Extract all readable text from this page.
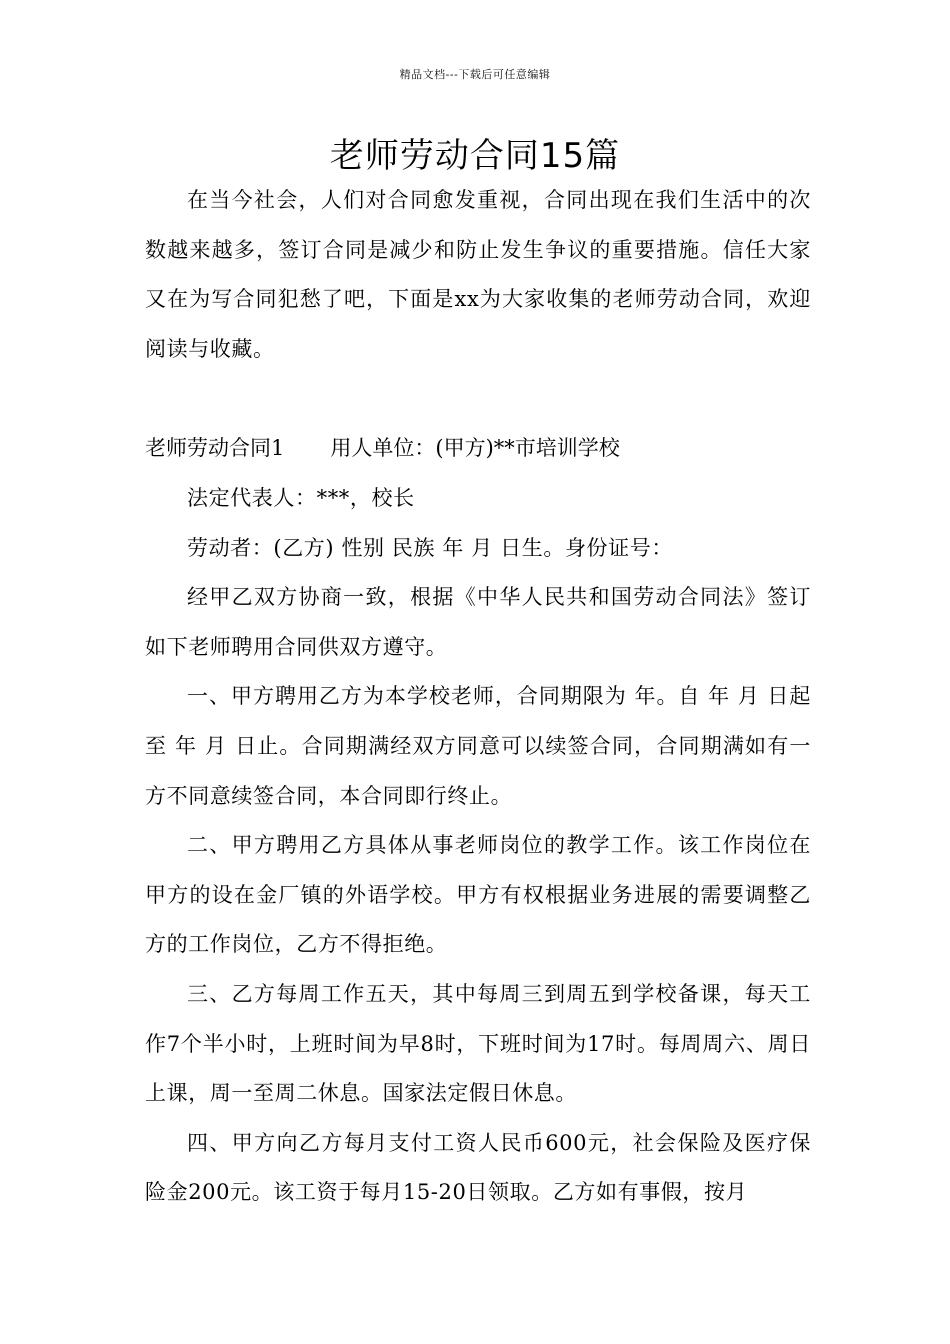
精品文档---下载后可任意编辑
老师劳动合同15篇

在当今社会，人们对合同愈发重视，合同出现在我们生活中的次数越来越多，签订合同是减少和防止发生争议的重要措施。信任大家又在为写合同犯愁了吧，下面是xx为大家收集的老师劳动合同，欢迎阅读与收藏。

老师劳动合同1 用人单位：(甲方)**市培训学校

法定代表人：***，校长

劳动者：(乙方) 性别 民族 年 月 日生。身份证号：

经甲乙双方协商一致，根据《中华人民共和国劳动合同法》签订如下老师聘用合同供双方遵守。

一、甲方聘用乙方为本学校老师，合同期限为 年。自 年 月 日起至 年 月 日止。合同期满经双方同意可以续签合同，合同期满如有一方不同意续签合同，本合同即行终止。

二、甲方聘用乙方具体从事老师岗位的教学工作。该工作岗位在甲方的设在金厂镇的外语学校。甲方有权根据业务进展的需要调整乙方的工作岗位，乙方不得拒绝。

三、乙方每周工作五天，其中每周三到周五到学校备课，每天工作7个半小时，上班时间为早8时，下班时间为17时。每周周六、周日上课，周一至周二休息。国家法定假日休息。

四、甲方向乙方每月支付工资人民币600元，社会保险及医疗保险金200元。该工资于每月15-20日领取。乙方如有事假，按月
